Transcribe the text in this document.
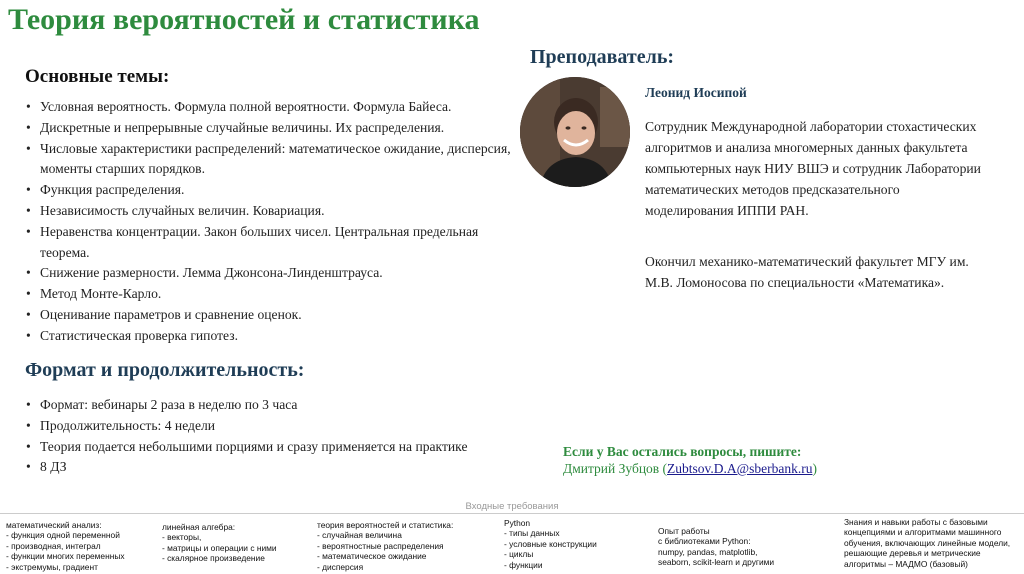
Теория вероятностей и статистика
Основные темы:
• Условная вероятность. Формула полной вероятности. Формула Байеса.
• Дискретные и непрерывные случайные величины. Их распределения.
• Числовые характеристики распределений: математическое ожидание, дисперсия, моменты старших порядков.
• Функция распределения.
• Независимость случайных величин. Ковариация.
• Неравенства концентрации. Закон больших чисел. Центральная предельная теорема.
• Снижение размерности. Лемма Джонсона-Линденштрауса.
• Метод Монте-Карло.
• Оценивание параметров и сравнение оценок.
• Статистическая проверка гипотез.
Формат и продолжительность:
• Формат: вебинары 2 раза в неделю по 3 часа
• Продолжительность: 4 недели
• Теория подается небольшими порциями и сразу применяется на практике
• 8 ДЗ
Преподаватель:
Леонид Иосипой

Сотрудник Международной лаборатории стохастических алгоритмов и анализа многомерных данных факультета компьютерных наук НИУ ВШЭ и сотрудник Лаборатории математических методов предсказательного моделирования ИППИ РАН.

Окончил механико-математический факультет МГУ им. М.В. Ломоносова по специальности «Математика».

Если у Вас остались вопросы, пишите:
Дмитрий Зубцов (Zubtsov.D.A@sberbank.ru)
Входные требования
математический анализ:
- функция одной переменной
- производная, интеграл
- функции многих переменных
- экстремумы, градиент
линейная алгебра:
- векторы,
- матрицы и операции с ними
- скалярное произведение
теория вероятностей и статистика:
- случайная величина
- вероятностные распределения
- математическое ожидание
- дисперсия
Python
- типы данных
- условные конструкции
- циклы
- функции
Опыт работы
с библиотеками Python:
numpy, pandas, matplotlib,
seaborn, scikit-learn и другими
Знания и навыки работы с базовыми
концепциями и алгоритмами машинного
обучения, включающих линейные модели,
решающие деревья и метрические
алгоритмы – МАДМО (базовый)
